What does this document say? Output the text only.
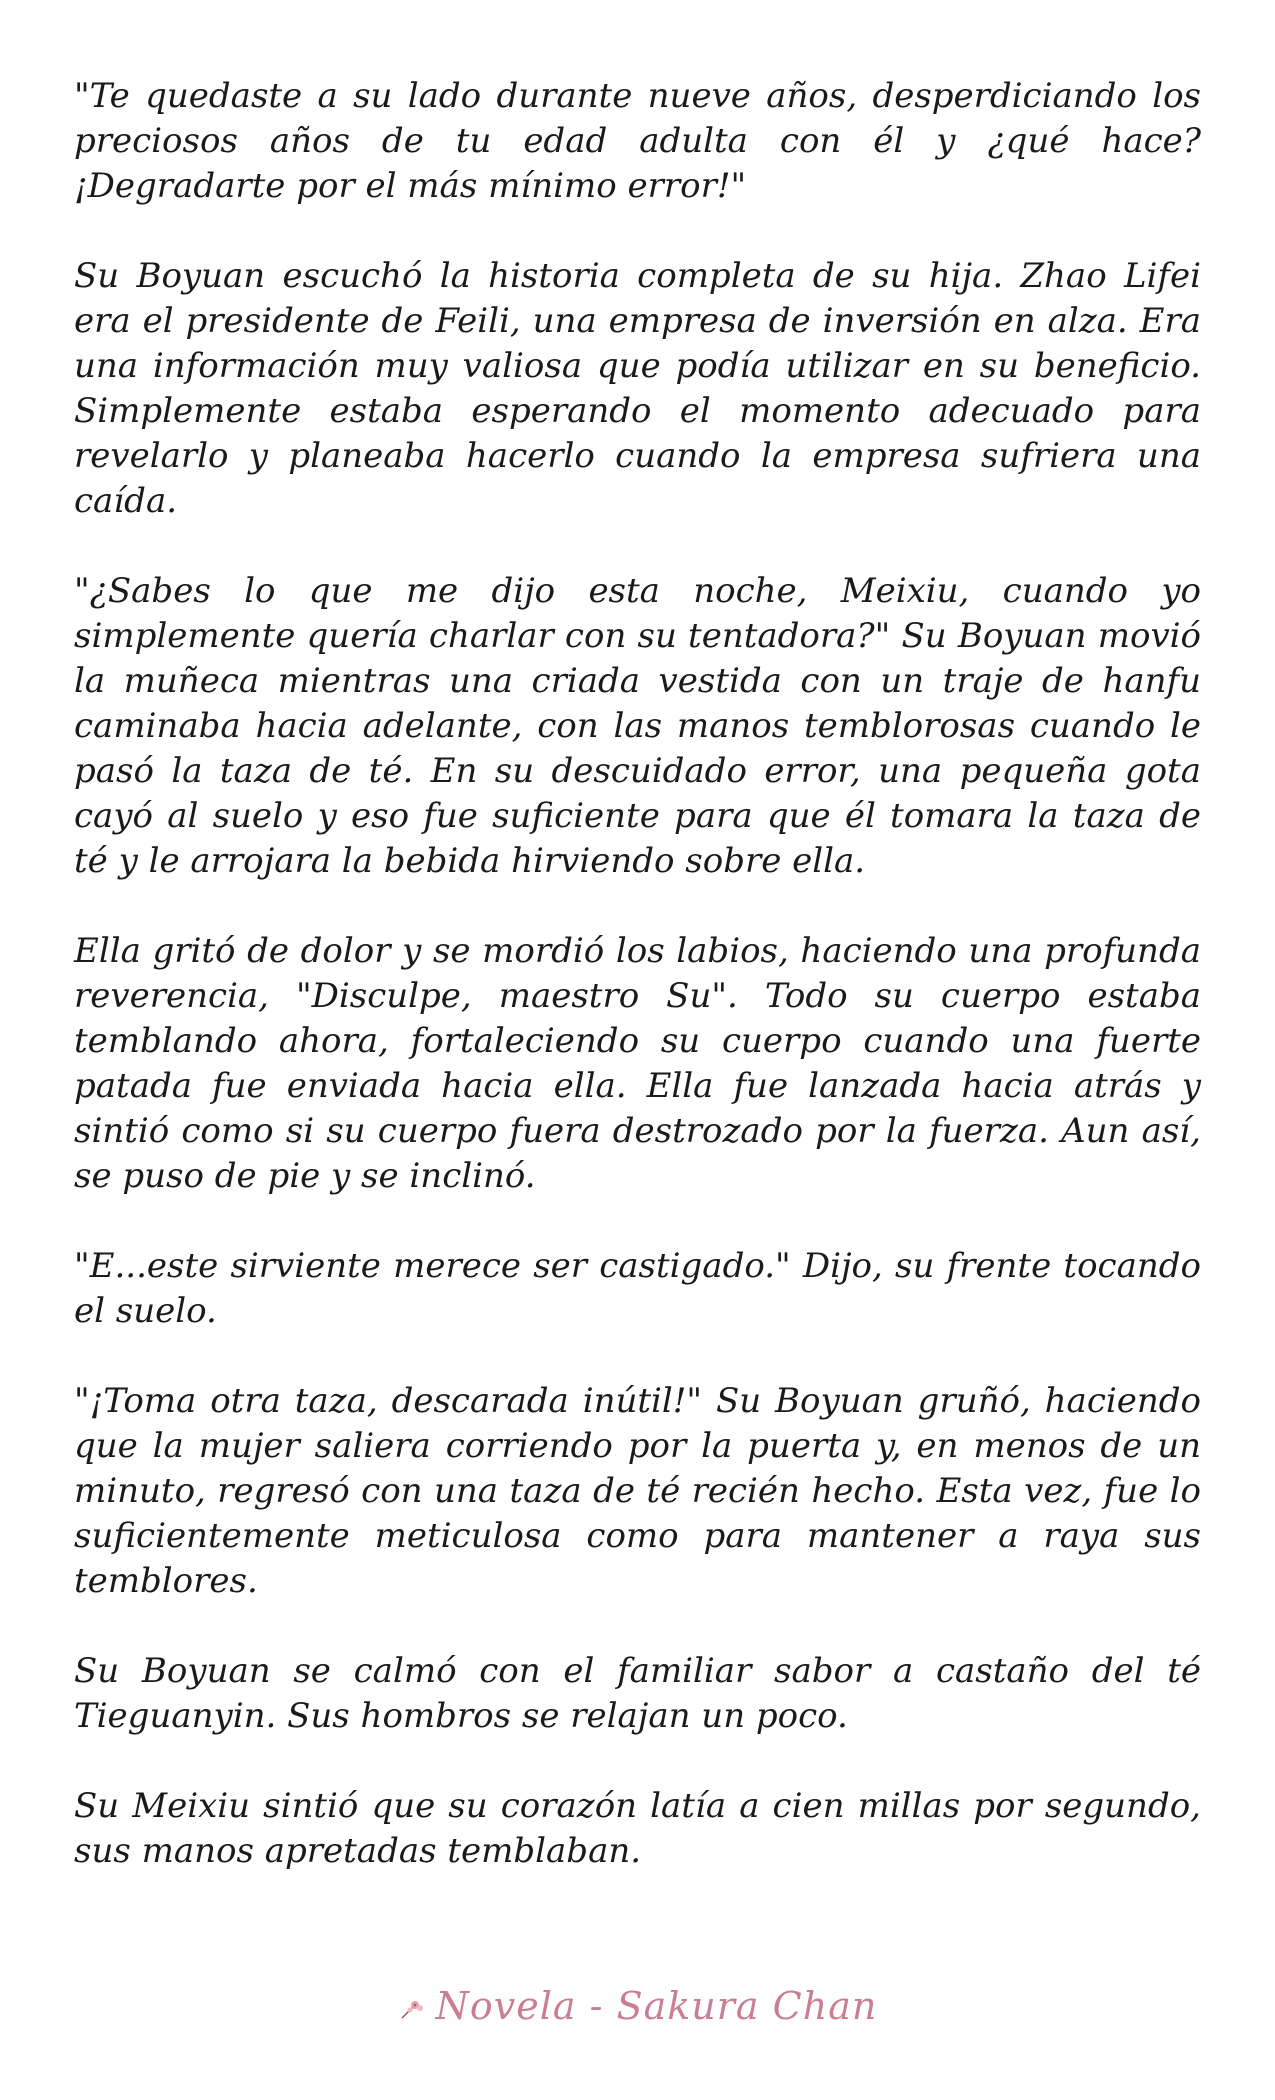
"Te quedaste a su lado durante nueve años, desperdiciando los preciosos años de tu edad adulta con él y ¿qué hace? ¡Degradarte por el más mínimo error!"

Su Boyuan escuchó la historia completa de su hija. Zhao Lifei era el presidente de Feili, una empresa de inversión en alza. Era una información muy valiosa que podía utilizar en su beneficio. Simplemente estaba esperando el momento adecuado para revelarlo y planeaba hacerlo cuando la empresa sufriera una caída.

"¿Sabes lo que me dijo esta noche, Meixiu, cuando yo simplemente quería charlar con su tentadora?" Su Boyuan movió la muñeca mientras una criada vestida con un traje de hanfu caminaba hacia adelante, con las manos temblorosas cuando le pasó la taza de té. En su descuidado error, una pequeña gota cayó al suelo y eso fue suficiente para que él tomara la taza de té y le arrojara la bebida hirviendo sobre ella.

Ella gritó de dolor y se mordió los labios, haciendo una profunda reverencia, "Disculpe, maestro Su". Todo su cuerpo estaba temblando ahora, fortaleciendo su cuerpo cuando una fuerte patada fue enviada hacia ella. Ella fue lanzada hacia atrás y sintió como si su cuerpo fuera destrozado por la fuerza. Aun así, se puso de pie y se inclinó.

"E...este sirviente merece ser castigado." Dijo, su frente tocando el suelo.

"¡Toma otra taza, descarada inútil!" Su Boyuan gruñó, haciendo que la mujer saliera corriendo por la puerta y, en menos de un minuto, regresó con una taza de té recién hecho. Esta vez, fue lo suficientemente meticulosa como para mantener a raya sus temblores.

Su Boyuan se calmó con el familiar sabor a castaño del té Tieguanyin. Sus hombros se relajan un poco.

Su Meixiu sintió que su corazón latía a cien millas por segundo, sus manos apretadas temblaban.

Novela - Sakura Chan
